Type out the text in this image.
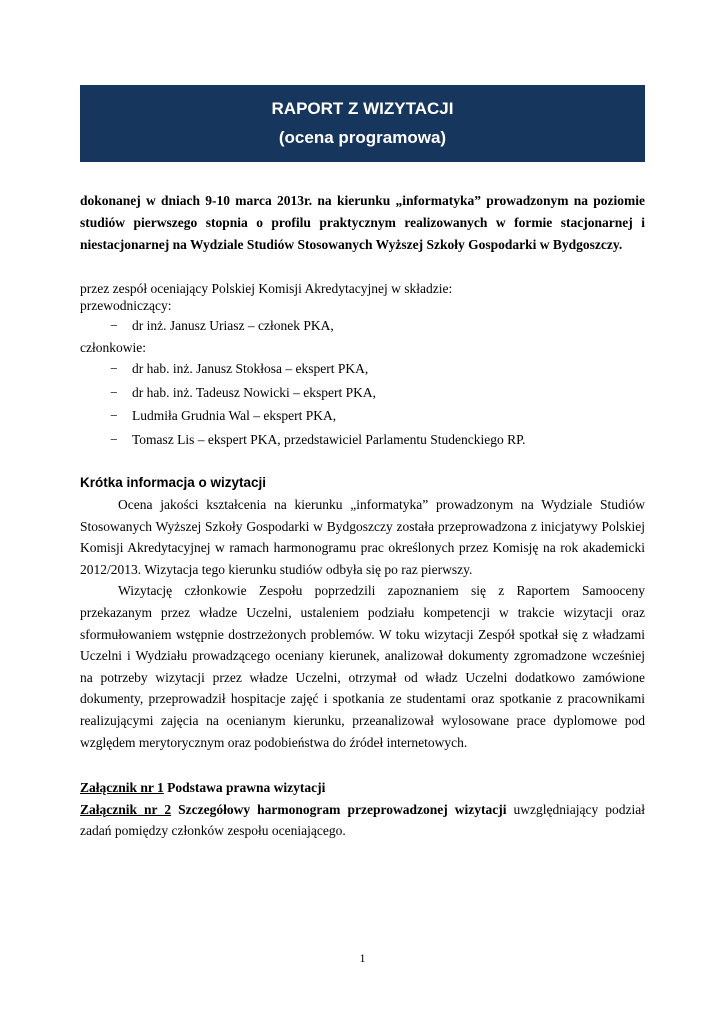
RAPORT Z WIZYTACJI
(ocena programowa)

dokonanej w dniach 9-10 marca 2013r. na kierunku „informatyka” prowadzonym na poziomie studiów pierwszego stopnia o profilu praktycznym realizowanych w formie stacjonarnej i niestacjonarnej na Wydziale Studiów Stosowanych Wyższej Szkoły Gospodarki w Bydgoszczy.

przez zespół oceniający Polskiej Komisji Akredytacyjnej w składzie:

przewodniczący:

−	dr inż. Janusz Uriasz – członek PKA,

członkowie:

−	dr hab. inż. Janusz Stokłosa – ekspert PKA,
−	dr hab. inż. Tadeusz Nowicki – ekspert PKA,
−	Ludmiła Grudnia Wal – ekspert PKA,
−	Tomasz Lis – ekspert PKA, przedstawiciel Parlamentu Studenckiego RP.
Krótka informacja o wizytacji

Ocena jakości kształcenia na kierunku „informatyka” prowadzonym na Wydziale Studiów Stosowanych Wyższej Szkoły Gospodarki w Bydgoszczy została przeprowadzona z inicjatywy Polskiej Komisji Akredytacyjnej w ramach harmonogramu prac określonych przez Komisję na rok akademicki 2012/2013. Wizytacja tego kierunku studiów odbyła się po raz pierwszy.

Wizytację członkowie Zespołu poprzedzili zapoznaniem się z Raportem Samooceny przekazanym przez władze Uczelni, ustaleniem podziału kompetencji w trakcie wizytacji oraz sformułowaniem wstępnie dostrzeżonych problemów. W toku wizytacji Zespół spotkał się z władzami Uczelni i Wydziału prowadzącego oceniany kierunek, analizował dokumenty zgromadzone wcześniej na potrzeby wizytacji przez władze Uczelni, otrzymał od władz Uczelni dodatkowo zamówione dokumenty, przeprowadził hospitacje zajęć i spotkania ze studentami oraz spotkanie z pracownikami realizującymi zajęcia na ocenianym kierunku, przeanalizował wylosowane prace dyplomowe pod względem merytorycznym oraz podobieństwa do źródeł internetowych.

Załącznik nr 1 Podstawa prawna wizytacji

Załącznik nr 2 Szczegółowy harmonogram przeprowadzonej wizytacji uwzględniający podział zadań pomiędzy członków zespołu oceniającego.

1
